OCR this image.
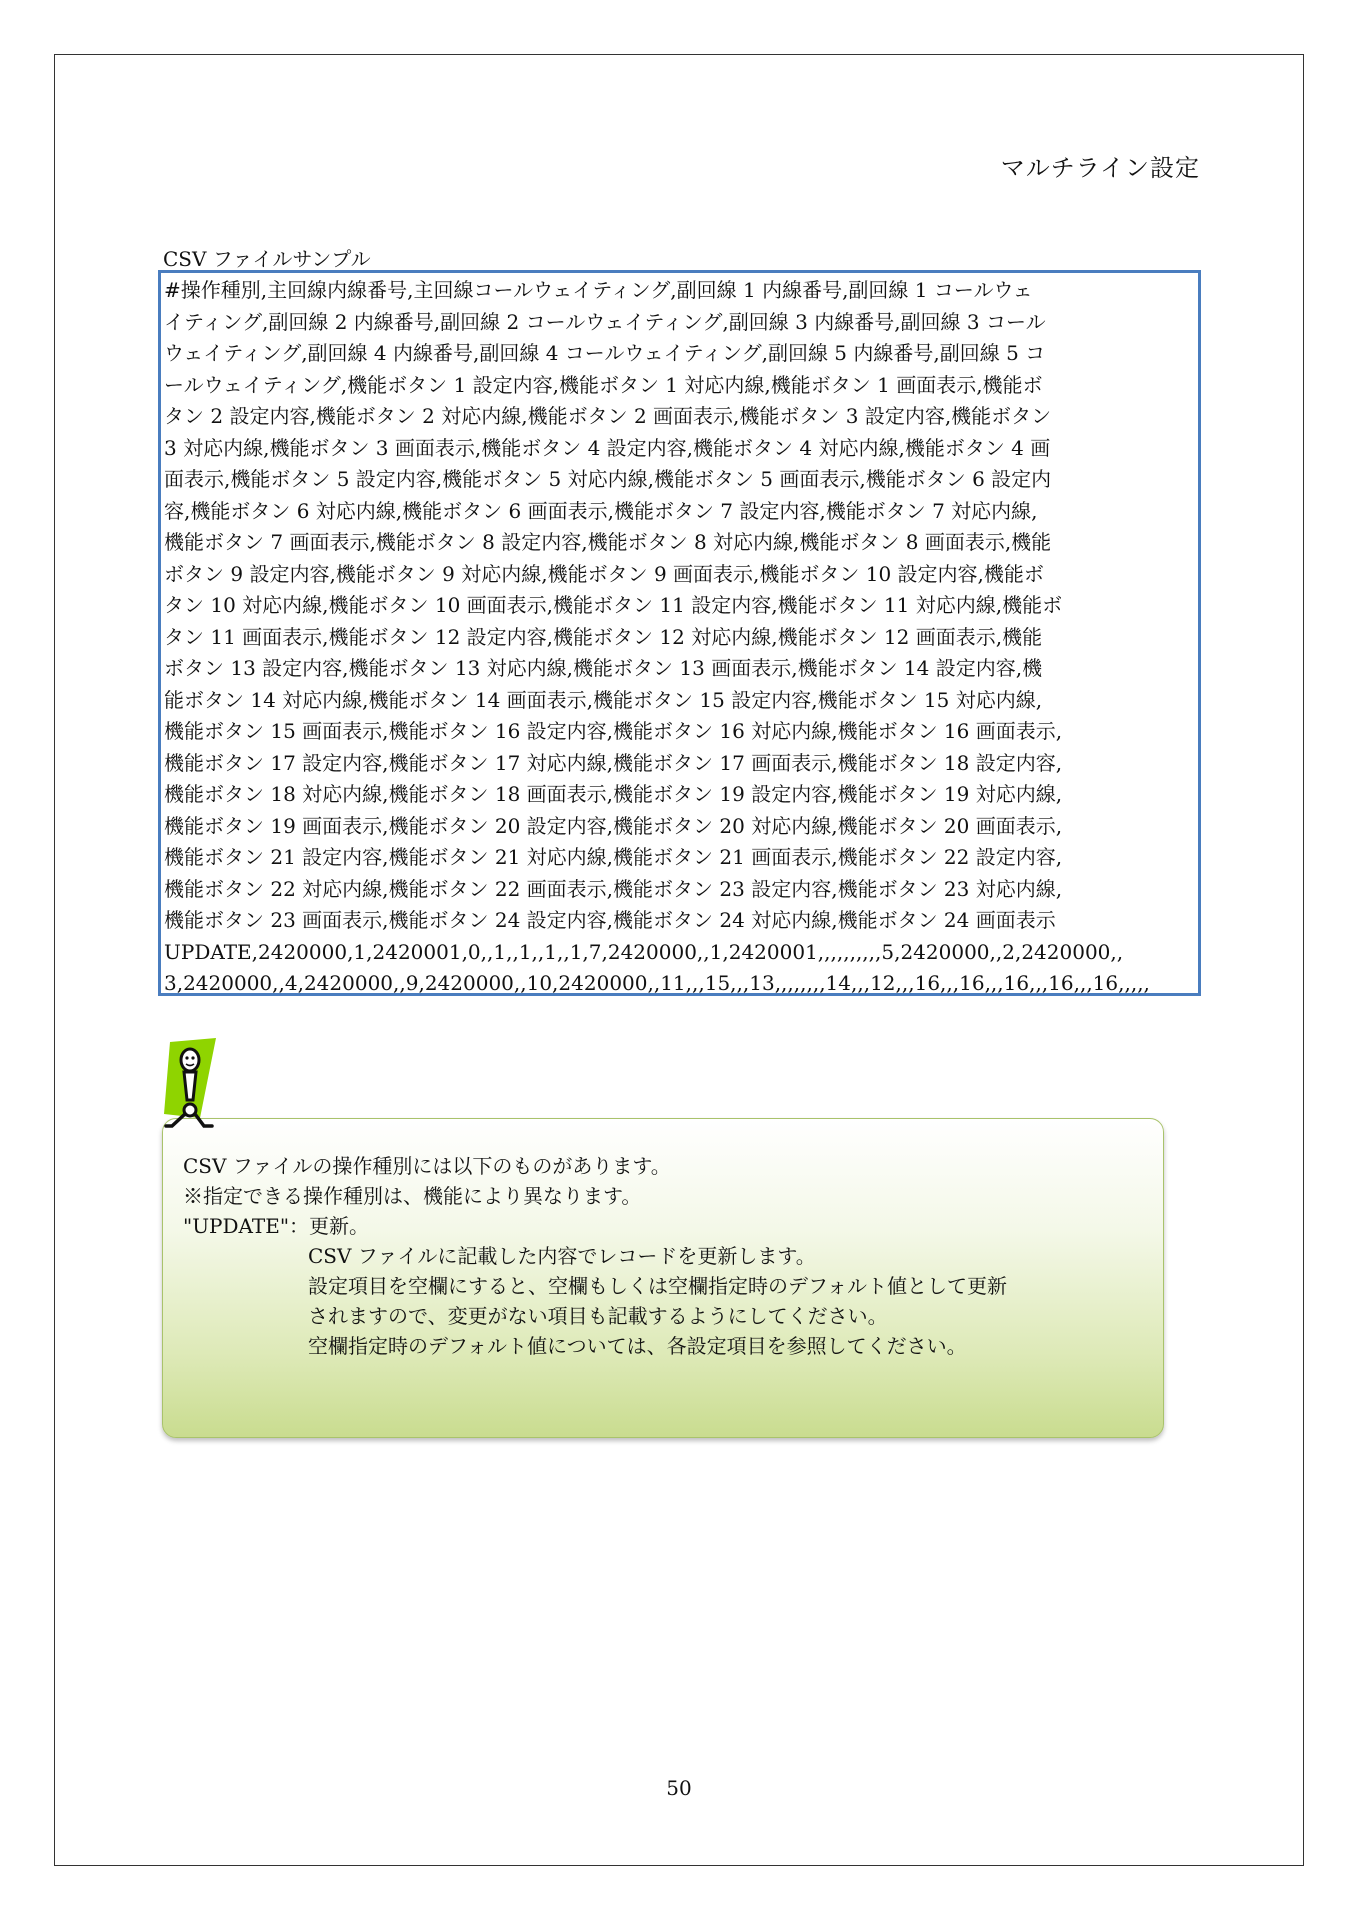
マルチライン設定
CSV ファイルサンプル
#操作種別,主回線内線番号,主回線コールウェイティング,副回線 1 内線番号,副回線 1 コールウェ
イティング,副回線 2 内線番号,副回線 2 コールウェイティング,副回線 3 内線番号,副回線 3 コール
ウェイティング,副回線 4 内線番号,副回線 4 コールウェイティング,副回線 5 内線番号,副回線 5 コ
ールウェイティング,機能ボタン 1 設定内容,機能ボタン 1 対応内線,機能ボタン 1 画面表示,機能ボ
タン 2 設定内容,機能ボタン 2 対応内線,機能ボタン 2 画面表示,機能ボタン 3 設定内容,機能ボタン
3 対応内線,機能ボタン 3 画面表示,機能ボタン 4 設定内容,機能ボタン 4 対応内線,機能ボタン 4 画
面表示,機能ボタン 5 設定内容,機能ボタン 5 対応内線,機能ボタン 5 画面表示,機能ボタン 6 設定内
容,機能ボタン 6 対応内線,機能ボタン 6 画面表示,機能ボタン 7 設定内容,機能ボタン 7 対応内線,
機能ボタン 7 画面表示,機能ボタン 8 設定内容,機能ボタン 8 対応内線,機能ボタン 8 画面表示,機能
ボタン 9 設定内容,機能ボタン 9 対応内線,機能ボタン 9 画面表示,機能ボタン 10 設定内容,機能ボ
タン 10 対応内線,機能ボタン 10 画面表示,機能ボタン 11 設定内容,機能ボタン 11 対応内線,機能ボ
タン 11 画面表示,機能ボタン 12 設定内容,機能ボタン 12 対応内線,機能ボタン 12 画面表示,機能
ボタン 13 設定内容,機能ボタン 13 対応内線,機能ボタン 13 画面表示,機能ボタン 14 設定内容,機
能ボタン 14 対応内線,機能ボタン 14 画面表示,機能ボタン 15 設定内容,機能ボタン 15 対応内線,
機能ボタン 15 画面表示,機能ボタン 16 設定内容,機能ボタン 16 対応内線,機能ボタン 16 画面表示,
機能ボタン 17 設定内容,機能ボタン 17 対応内線,機能ボタン 17 画面表示,機能ボタン 18 設定内容,
機能ボタン 18 対応内線,機能ボタン 18 画面表示,機能ボタン 19 設定内容,機能ボタン 19 対応内線,
機能ボタン 19 画面表示,機能ボタン 20 設定内容,機能ボタン 20 対応内線,機能ボタン 20 画面表示,
機能ボタン 21 設定内容,機能ボタン 21 対応内線,機能ボタン 21 画面表示,機能ボタン 22 設定内容,
機能ボタン 22 対応内線,機能ボタン 22 画面表示,機能ボタン 23 設定内容,機能ボタン 23 対応内線,
機能ボタン 23 画面表示,機能ボタン 24 設定内容,機能ボタン 24 対応内線,機能ボタン 24 画面表示
UPDATE,2420000,1,2420001,0,,1,,1,,1,,1,7,2420000,,1,2420001,,,,,,,,,,5,2420000,,2,2420000,,
3,2420000,,4,2420000,,9,2420000,,10,2420000,,11,,,15,,,13,,,,,,,,14,,,12,,,16,,,16,,,16,,,16,,,16,,,,,
CSV ファイルの操作種別には以下のものがあります。
※指定できる操作種別は、機能により異なります。
"UPDATE"：更新。
CSV ファイルに記載した内容でレコードを更新します。
設定項目を空欄にすると、空欄もしくは空欄指定時のデフォルト値として更新
されますので、変更がない項目も記載するようにしてください。
空欄指定時のデフォルト値については、各設定項目を参照してください。
50
